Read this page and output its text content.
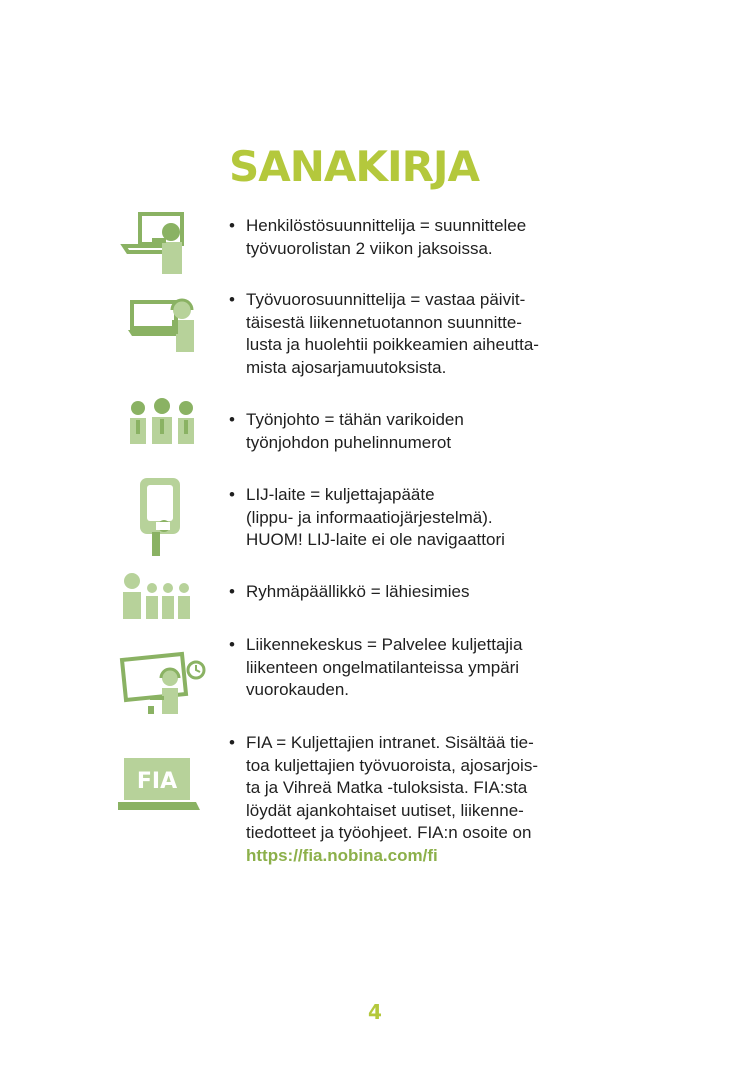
SANAKIRJA
• Henkilöstösuunnittelija = suunnittelee
työvuorolistan 2 viikon jaksoissa.

• Työvuorosuunnittelija = vastaa päivit-
täisestä liikennetuotannon suunnitte-
lusta ja huolehtii poikkeamien aiheutta-
mista ajosarjamuutoksista.

• Työnjohto = tähän varikoiden
työnjohdon puhelinnumerot

• LIJ-laite = kuljettajapääte
(lippu- ja informaatiojärjestelmä).
HUOM! LIJ-laite ei ole navigaattori

• Ryhmäpäällikkö = lähiesimies

• Liikennekeskus = Palvelee kuljettajia
liikenteen ongelmatilanteissa ympäri
vuorokauden.

FIA
• FIA = Kuljettajien intranet. Sisältää tie-
toa kuljettajien työvuoroista, ajosarjois-
ta ja Vihreä Matka -tuloksista. FIA:sta
löydät ajankohtaiset uutiset, liikenne-
tiedotteet ja työohjeet. FIA:n osoite on
https://fia.nobina.com/fi

4
